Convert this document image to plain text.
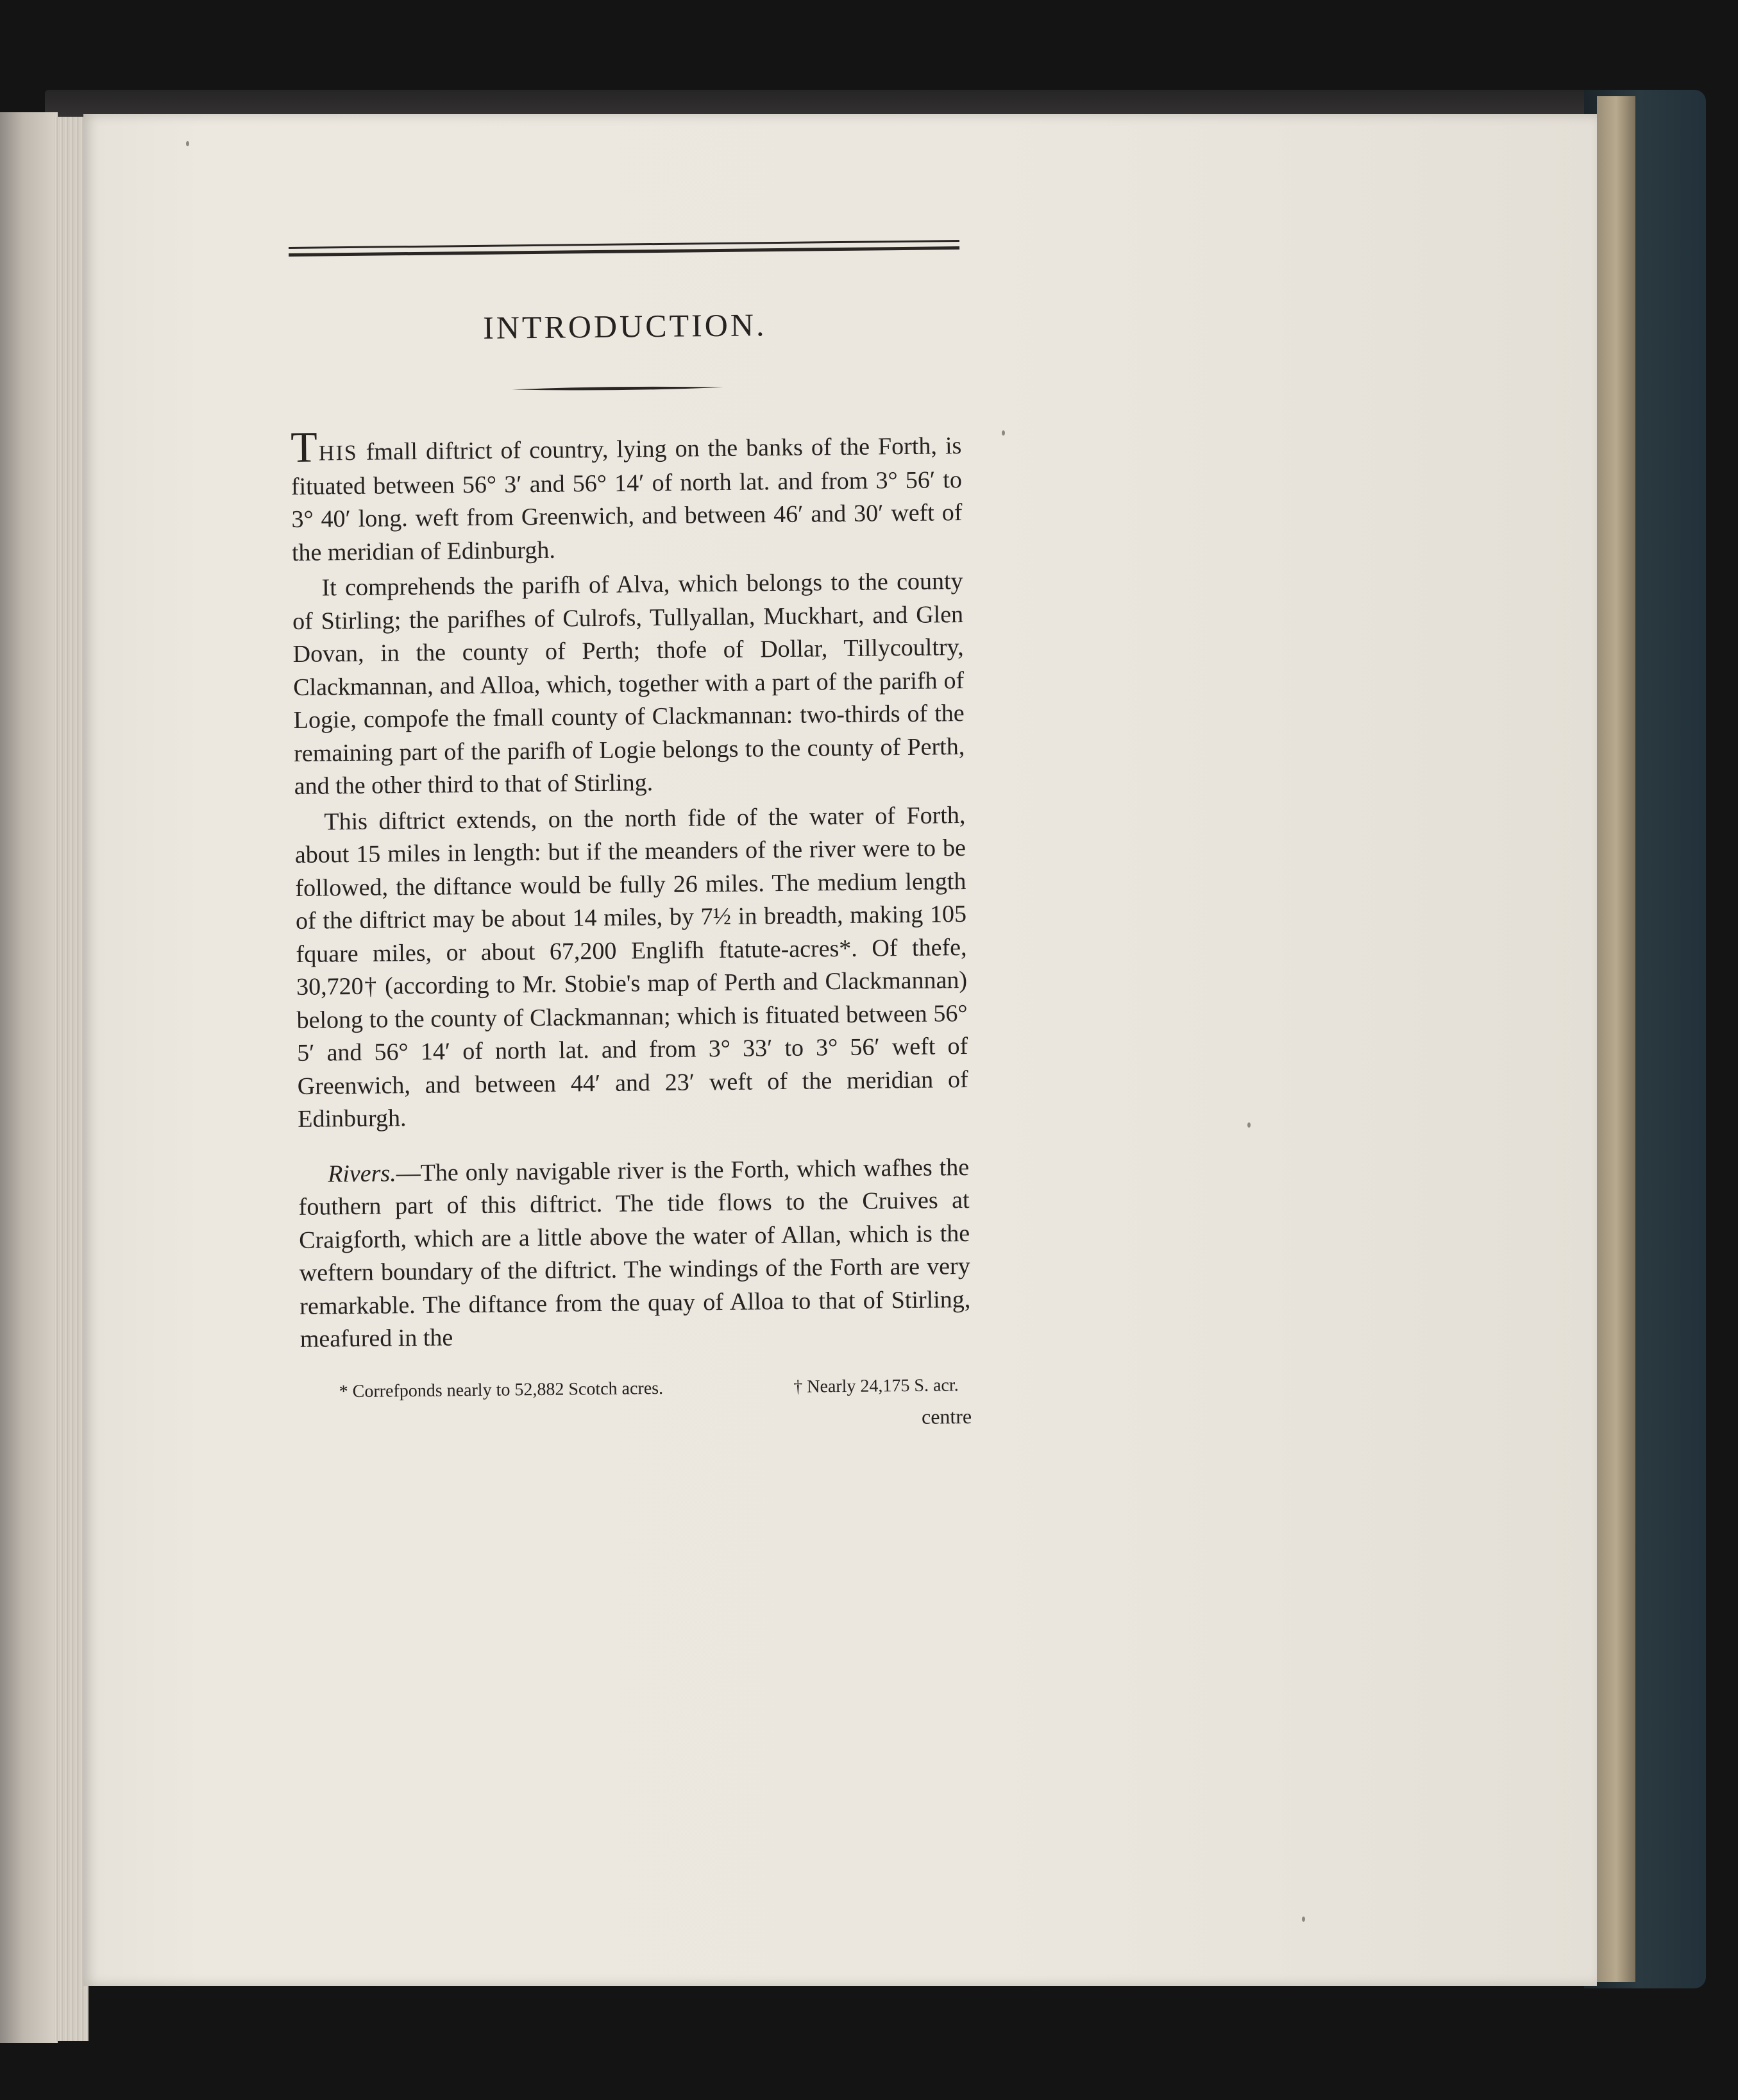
INTRODUCTION.

THIS fmall diftrict of country, lying on the banks of the Forth, is fituated between 56° 3′ and 56° 14′ of north lat. and from 3° 56′ to 3° 40′ long. weft from Greenwich, and between 46′ and 30′ weft of the meridian of Edinburgh.

It comprehends the parifh of Alva, which belongs to the county of Stirling; the parifhes of Culrofs, Tullyallan, Muckhart, and Glen Dovan, in the county of Perth; thofe of Dollar, Tillycoultry, Clackmannan, and Alloa, which, together with a part of the parifh of Logie, compofe the fmall county of Clackmannan: two-thirds of the remaining part of the parifh of Logie belongs to the county of Perth, and the other third to that of Stirling.

This diftrict extends, on the north fide of the water of Forth, about 15 miles in length: but if the meanders of the river were to be followed, the diftance would be fully 26 miles. The medium length of the diftrict may be about 14 miles, by 7½ in breadth, making 105 fquare miles, or about 67,200 Englifh ftatute-acres*. Of thefe, 30,720† (according to Mr. Stobie's map of Perth and Clackmannan) belong to the county of Clackmannan; which is fituated between 56° 5′ and 56° 14′ of north lat. and from 3° 33′ to 3° 56′ weft of Greenwich, and between 44′ and 23′ weft of the meridian of Edinburgh.

Rivers.—The only navigable river is the Forth, which wafhes the fouthern part of this diftrict. The tide flows to the Cruives at Craigforth, which are a little above the water of Allan, which is the weftern boundary of the diftrict. The windings of the Forth are very remarkable. The diftance from the quay of Alloa to that of Stirling, meafured in the

* Correfponds nearly to 52,882 Scotch acres.	† Nearly 24,175 S. acr.
centre
